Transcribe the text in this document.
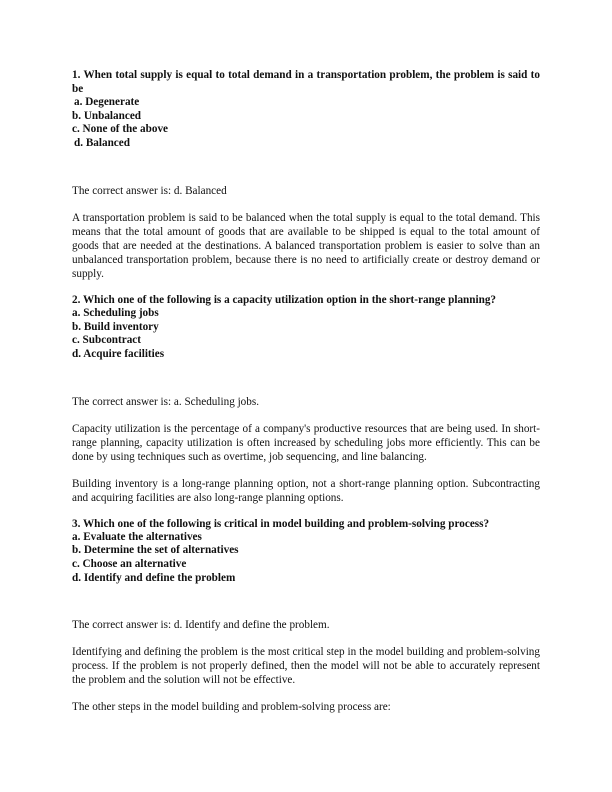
1. When total supply is equal to total demand in a transportation problem, the problem is said to be

a. Degenerate

b. Unbalanced

c. None of the above

d. Balanced

The correct answer is: d. Balanced

A transportation problem is said to be balanced when the total supply is equal to the total demand. This means that the total amount of goods that are available to be shipped is equal to the total amount of goods that are needed at the destinations. A balanced transportation problem is easier to solve than an unbalanced transportation problem, because there is no need to artificially create or destroy demand or supply.

2. Which one of the following is a capacity utilization option in the short-range planning?

a. Scheduling jobs

b. Build inventory

c. Subcontract

d. Acquire facilities

The correct answer is: a. Scheduling jobs.

Capacity utilization is the percentage of a company's productive resources that are being used. In short-range planning, capacity utilization is often increased by scheduling jobs more efficiently. This can be done by using techniques such as overtime, job sequencing, and line balancing.

Building inventory is a long-range planning option, not a short-range planning option. Subcontracting and acquiring facilities are also long-range planning options.

3. Which one of the following is critical in model building and problem-solving process?

a. Evaluate the alternatives

b. Determine the set of alternatives

c. Choose an alternative

d. Identify and define the problem

The correct answer is: d. Identify and define the problem.

Identifying and defining the problem is the most critical step in the model building and problem-solving process. If the problem is not properly defined, then the model will not be able to accurately represent the problem and the solution will not be effective.

The other steps in the model building and problem-solving process are:
